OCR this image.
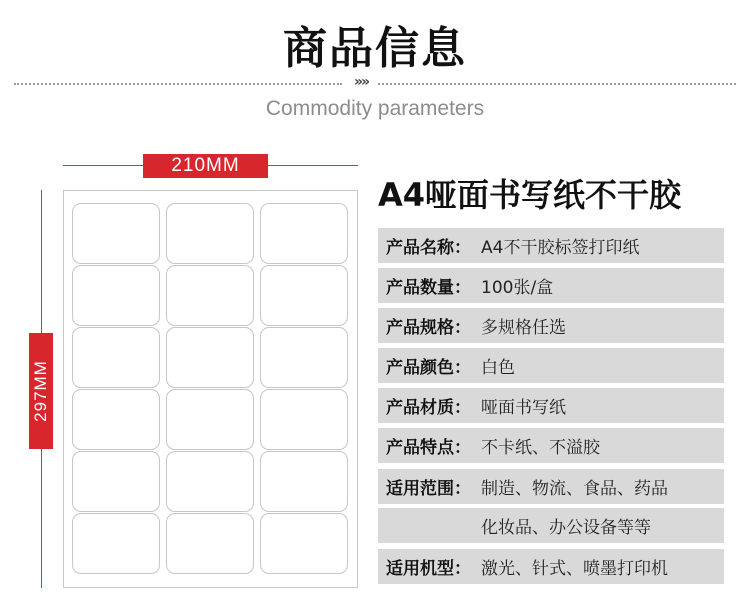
商品信息
»»
Commodity parameters
210MM
297MM
A4哑面书写纸不干胶
产品名称： A4不干胶标签打印纸
产品数量： 100张/盒
产品规格： 多规格任选
产品颜色： 白色
产品材质： 哑面书写纸
产品特点： 不卡纸、不溢胶
适用范围： 制造、物流、食品、药品
化妆品、办公设备等等
适用机型： 激光、针式、喷墨打印机
